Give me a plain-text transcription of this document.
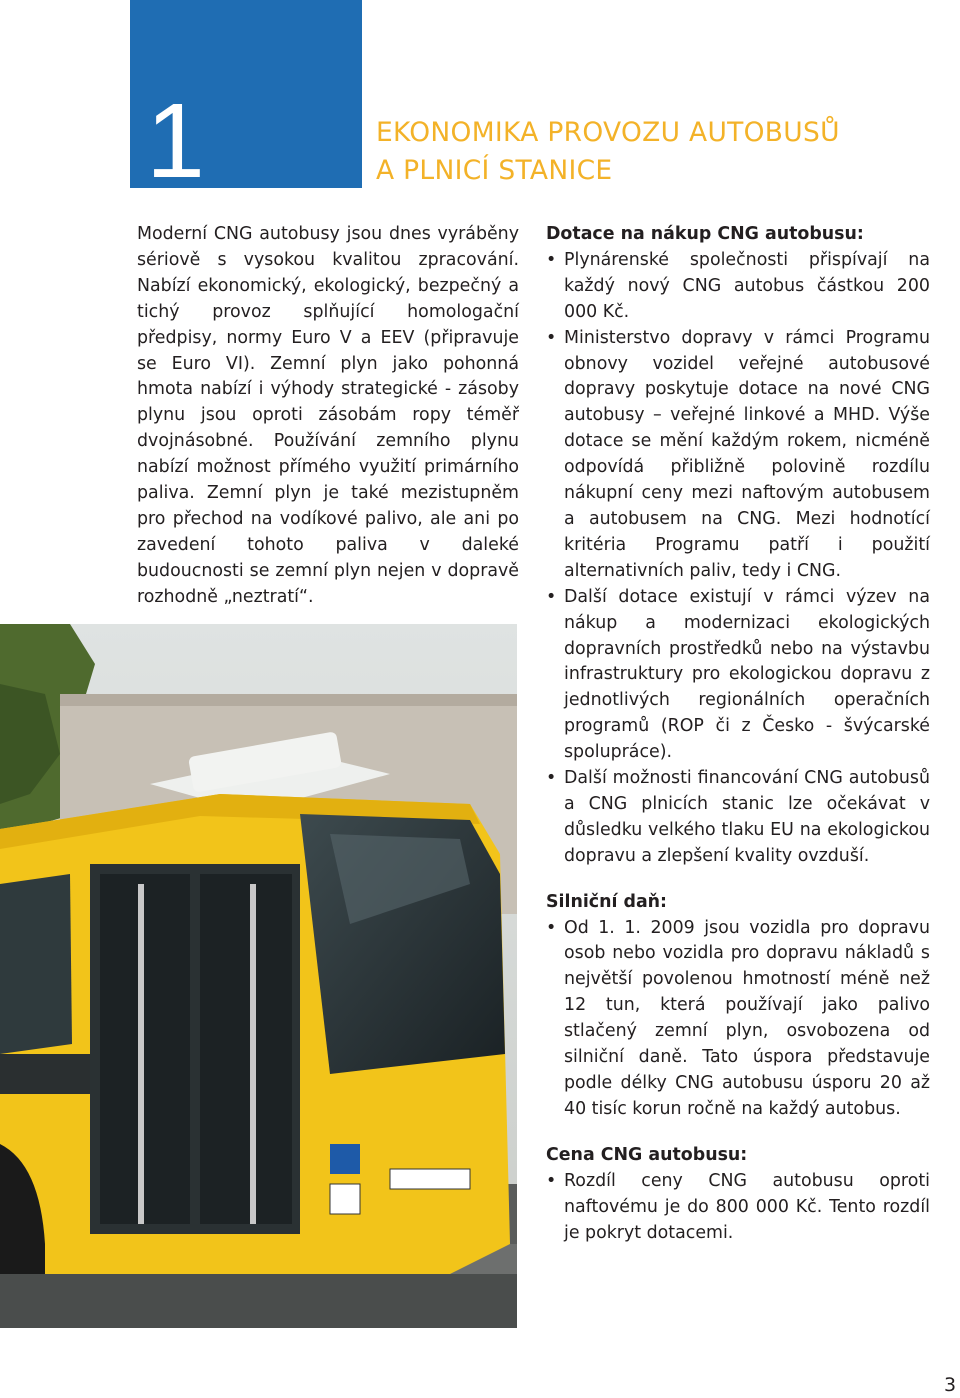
1	EKONOMIKA PROVOZU AUTOBUSŮ
A PLNICÍ STANICE

Moderní CNG autobusy jsou dnes vyráběny sériově s vysokou kvalitou zpracování. Nabízí ekonomický, ekologický, bezpečný a tichý provoz splňující homologační předpisy, normy Euro V a EEV (připravuje se Euro VI). Zemní plyn jako pohonná hmota nabízí i výhody strategické - zásoby plynu jsou oproti zásobám ropy téměř dvojnásobné. Používání zemního plynu nabízí možnost přímého využití primárního paliva. Zemní plyn je také mezistupněm pro přechod na vodíkové palivo, ale ani po zavedení tohoto paliva v daleké budoucnosti se zemní plyn nejen v dopravě rozhodně „neztratí“.

Dotace na nákup CNG autobusu:
• Plynárenské společnosti přispívají na každý nový CNG autobus částkou 200 000 Kč.
• Ministerstvo dopravy v rámci Programu obnovy vozidel veřejné autobusové dopravy poskytuje dotace na nové CNG autobusy – veřejné linkové a MHD. Výše dotace se mění každým rokem, nicméně odpovídá přibližně polovině rozdílu nákupní ceny mezi naftovým autobusem a autobusem na CNG. Mezi hodnotící kritéria Programu patří i použití alternativních paliv, tedy i CNG.
• Další dotace existují v rámci výzev na nákup a modernizaci ekologických dopravních prostředků nebo na výstavbu infrastruktury pro ekologickou dopravu z jednotlivých regionálních operačních programů (ROP či z Česko - švýcarské spolupráce).
• Další možnosti financování CNG autobusů a CNG plnicích stanic lze očekávat v důsledku velkého tlaku EU na ekologickou dopravu a zlepšení kvality ovzduší.
Silniční daň:
• Od 1. 1. 2009 jsou vozidla pro dopravu osob nebo vozidla pro dopravu nákladů s největší povolenou hmotností méně než 12 tun, která používají jako palivo stlačený zemní plyn, osvobozena od silniční daně. Tato úspora představuje podle délky CNG autobusu úsporu 20 až 40 tisíc korun ročně na každý autobus.
Cena CNG autobusu:
• Rozdíl ceny CNG autobusu oproti naftovému je do 800 000 Kč. Tento rozdíl je pokryt dotacemi.
3
